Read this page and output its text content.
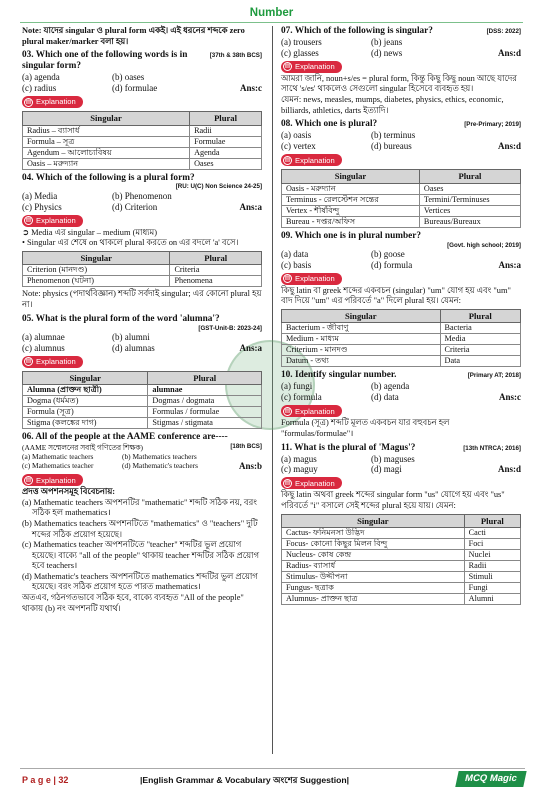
Number
Note: যাদের singular ও plural form একই। এই ধরনের শব্দকে zero plural maker/marker বলা হয়।
[37th & 38th BCS]
03. Which one of the following words is in singular form?
(a) agenda	(b) oases
(c) radius	(d) formulae	Ans:c
▤ Explanation
Singular	Plural
Radius – ব্যাসার্ধ	Radii
Formula – সূত্র	Formulae
Agendum – আলোচ্যবিষয়	Agenda
Oasis – মরুদ্যান	Oases
04. Which of the following is a plural form?

[RU: U(C) Non Science 24-25]
(a) Media	(b) Phenomenon
(c) Physics	(d) Criterion	Ans:a
▤ Explanation
➲ Media এর singular – medium (মাধ্যম)
• Singular এর শেষে on থাকলে plural করতে on এর বদলে 'a' বসে।
Singular	Plural
Criterion (মানদণ্ড)	Criteria
Phenomenon (ঘটনা)	Phenomena
Note: physics (পদার্থবিজ্ঞান) শব্দটি সর্বদাই singular; এর কোনো plural হয় না।
05. What is the plural form of the word 'alumna'?

[GST-Unit-B: 2023-24]
(a) alumnae	(b) alumni
(c) alumnus	(d) alumnas	Ans:a
▤ Explanation
Singular	Plural
Alumna (প্রাক্তন ছাত্রী)	alumnae
Dogma (ধর্মমত)	Dogmas / dogmata
Formula (সূত্র)	Formulas / formulae
Stigma (কলঙ্কের দাগ)	Stigmas / stigmata
06. All of the people at the AAME conference are----
[18th BCS]
(AAME সম্মেলনের সবাই গণিতের শিক্ষক)
(a) Mathematic teachers	(b) Mathematics teachers
(c) Mathematics teacher	(d) Mathematic's teachers	Ans:b
▤ Explanation
প্রদত্ত অপশনসমূহ বিবেচনায়:
(a) Mathematic teachers অপশনটির "mathematic" শব্দটি সঠিক নয়, বরং সঠিক হল mathematics।
(b) Mathematics teachers অপশনটিতে "mathematics" ও "teachers" দুটি শব্দের সঠিক প্রয়োগ হয়েছে।
(c) Mathematics teacher অপশনটিতে "teacher" শব্দটির ভুল প্রয়োগ হয়েছে। বাক্যে "all of the people" থাকায় teacher শব্দটির সঠিক প্রয়োগ হবে teachers।
(d) Mathematic's teachers অপশনটিতে mathematics শব্দটির ভুল প্রয়োগ হয়েছে। বরং সঠিক প্রয়োগ হতে পারত mathematics।
অতএব, গঠনগতভাবে সঠিক হবে, বাক্যে ব্যবহৃত "All of the people" থাকায় (b) নং অপশনটি যথার্থ।
[DSS: 2022]
07. Which of the following is singular?
(a) trousers	(b) jeans
(c) glasses	(d) news	Ans:d
▤ Explanation
আমরা জানি, noun+s/es = plural form, কিন্তু কিছু কিছু noun আছে যাদের সাথে 's/es' থাকলেও সেগুলো singular হিসেবে ব্যবহৃত হয়।
যেমন: news, measles, mumps, diabetes, physics, ethics, economic, billiards, athletics, darts ইত্যাদি।
[Pre-Primary; 2019]
08. Which one is plural?
(a) oasis	(b) terminus
(c) vertex	(d) bureaus	Ans:d
▤ Explanation
Singular	Plural
Oasis - মরুদ্যান	Oases
Terminus - রেলস্টেশন সন্তের	Termini/Terminuses
Vertex - শীর্ষবিন্দু	Vertices
Bureau - দপ্তর/অফিস	Bureaus/Bureaux
09. Which one is in plural number?

[Govt. high school; 2019]
(a) data	(b) goose
(c) basis	(d) formula	Ans:a
▤ Explanation
কিছু latin বা greek শব্দের একবচন (singular) "um" যোগ হয় এবং "um" বাদ দিয়ে "um" এর পরিবর্তে "a" দিলে plural হয়। যেমন:
Singular	Plural
Bacterium - জীবাণু	Bacteria
Medium - মাধ্যম	Media
Criterium - মানদণ্ড	Criteria
Datum - তথ্য	Data
[Primary AT; 2018]
10. Identify singular number.
(a) fungi	(b) agenda
(c) formula	(d) data	Ans:c
▤ Explanation
Formula (সূত্র) শব্দটি মূলত একবচন যার বহুবচন হল "formulas/formulae"।
[13th NTRCA; 2016]
11. What is the plural of 'Magus'?
(a) magus	(b) maguses
(c) maguy	(d) magi	Ans:d
▤ Explanation
কিছু latin অথবা greek শব্দের singular form "us" যোগে হয় এবং "us" পরিবর্তে "i" বসালে সেই শব্দের plural হয়ে যায়। যেমন:
Singular	Plural
Cactus- ফনিমনসা উদ্ভিদ	Cacti
Focus- কোনো কিছুর মিলন বিন্দু	Foci
Nucleus- কোষ কেন্দ্র	Nuclei
Radius- ব্যাসার্ধ	Radii
Stimulus- উদ্দীপনা	Stimuli
Fungus- ছত্রাক	Fungi
Alumnus- প্রাক্তন ছাত্র	Alumni
P a g e | 32	|English Grammar & Vocabulary অংশের Suggestion|	MCQ Magic
